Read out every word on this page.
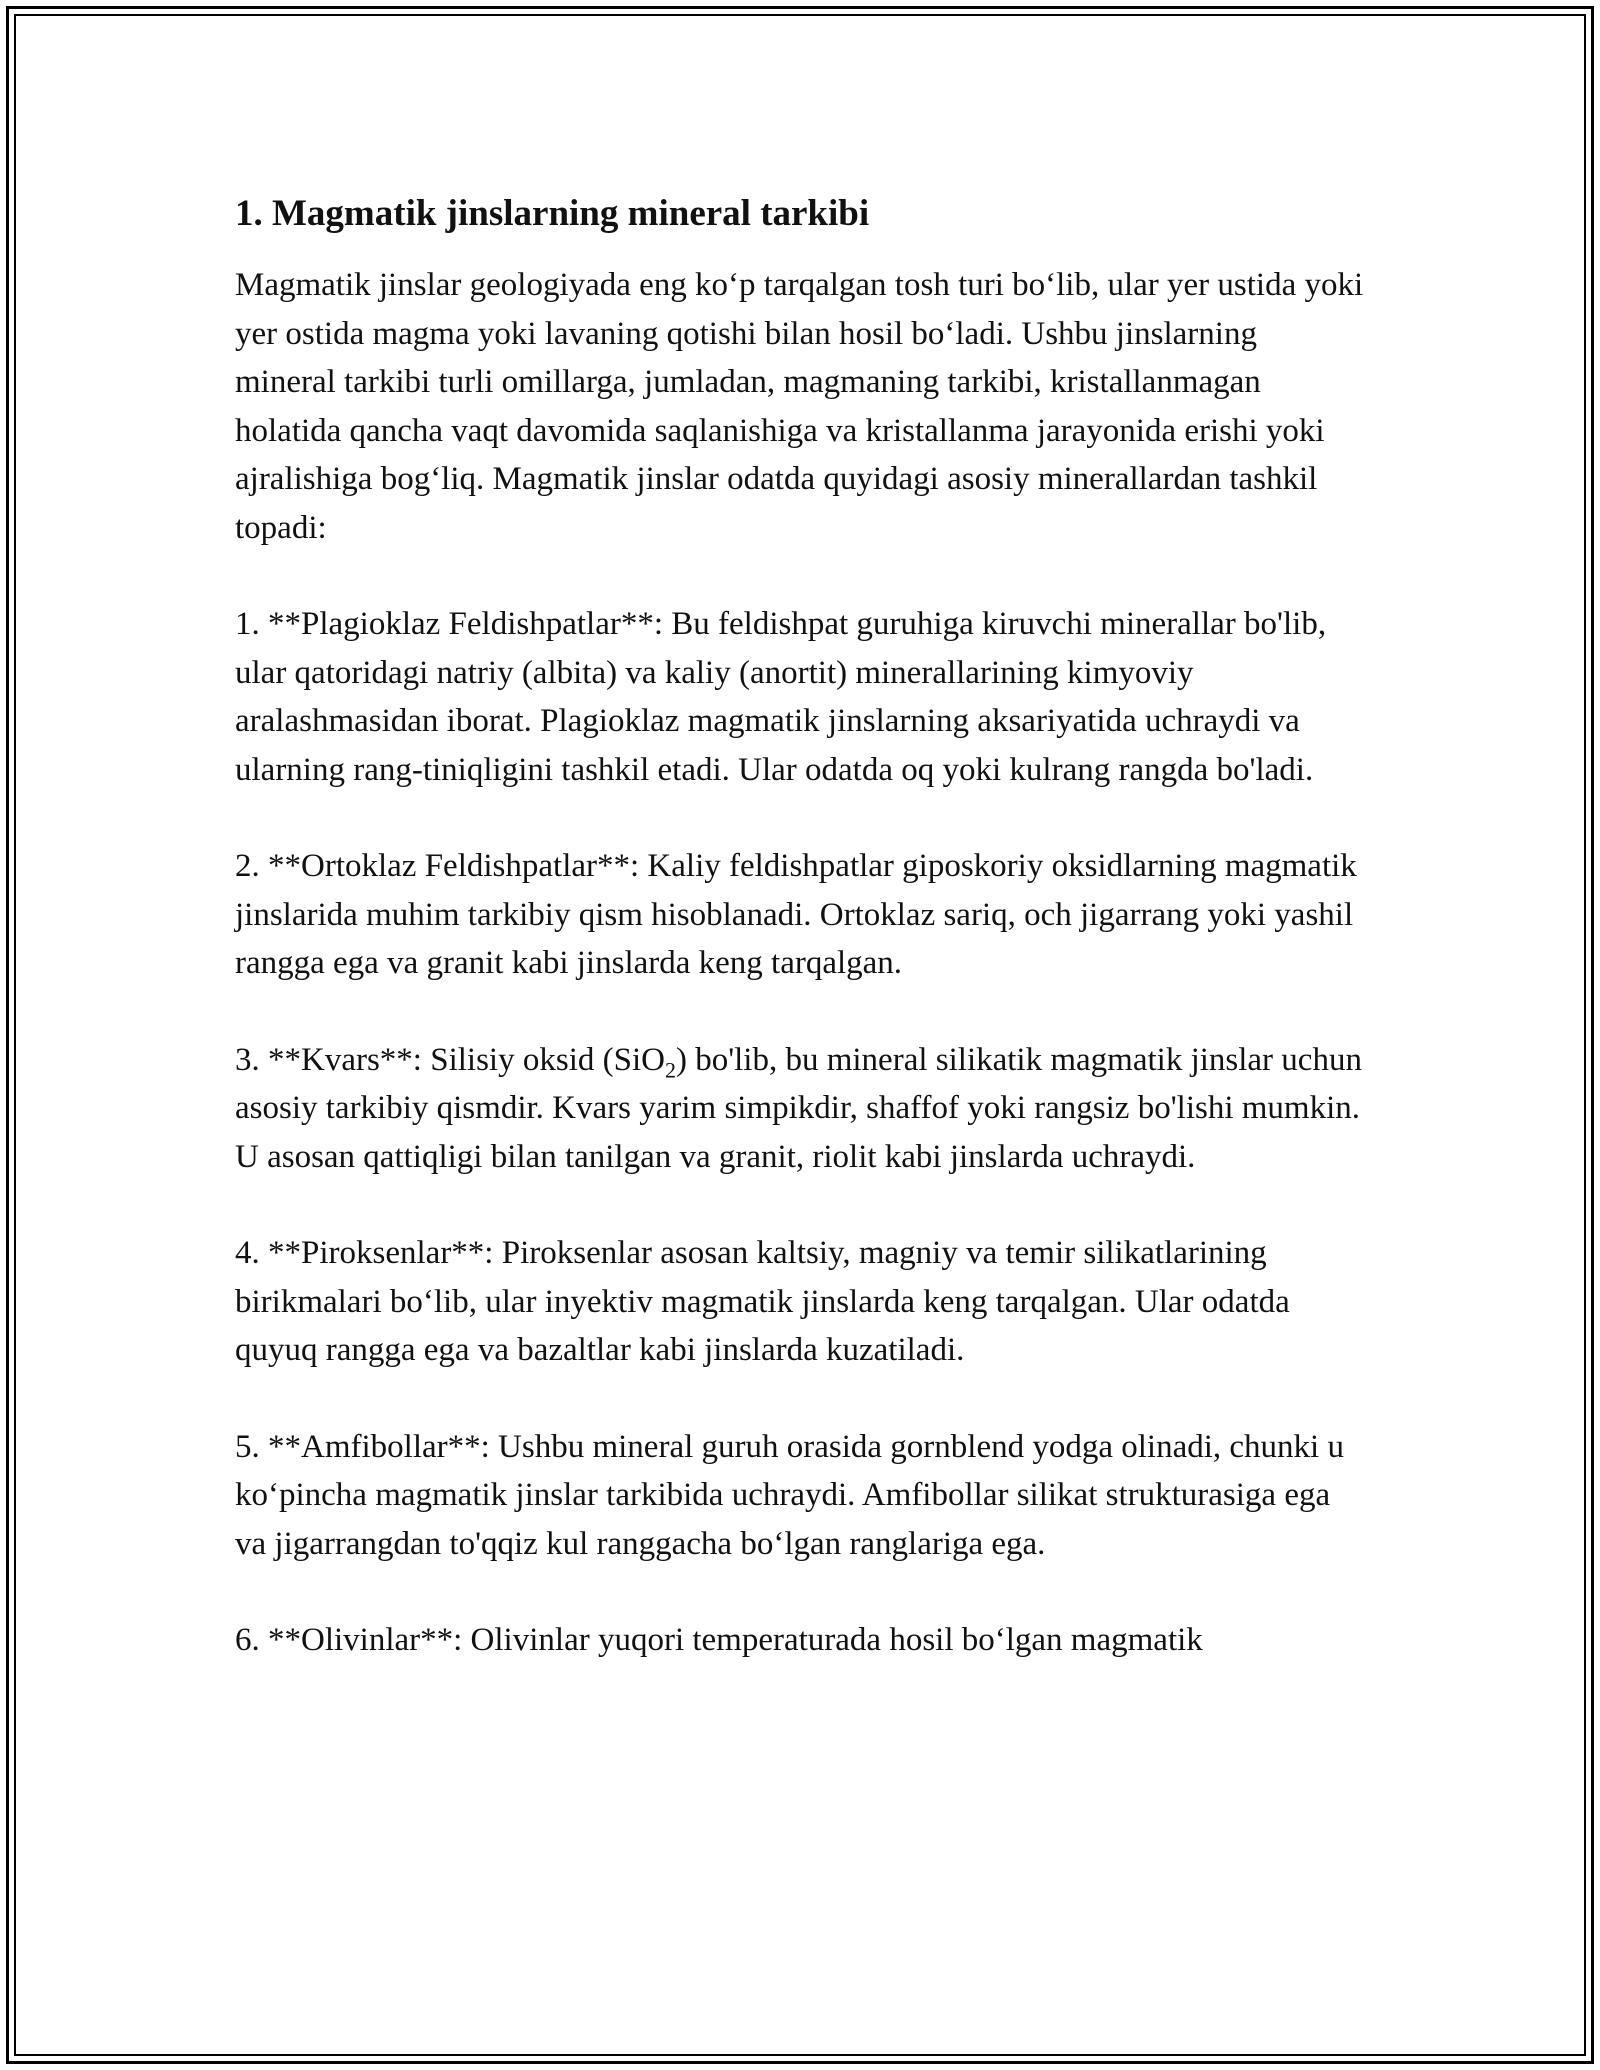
1. Magmatik jinslarning mineral tarkibi

Magmatik jinslar geologiyada eng ko‘p tarqalgan tosh turi bo‘lib, ular yer ustida yoki yer ostida magma yoki lavaning qotishi bilan hosil bo‘ladi. Ushbu jinslarning mineral tarkibi turli omillarga, jumladan, magmaning tarkibi, kristallanmagan holatida qancha vaqt davomida saqlanishiga va kristallanma jarayonida erishi yoki ajralishiga bog‘liq. Magmatik jinslar odatda quyidagi asosiy minerallardan tashkil topadi:

1. **Plagioklaz Feldishpatlar**: Bu feldishpat guruhiga kiruvchi minerallar bo'lib, ular qatoridagi natriy (albita) va kaliy (anortit) minerallarining kimyoviy aralashmasidan iborat. Plagioklaz magmatik jinslarning aksariyatida uchraydi va ularning rang-tiniqligini tashkil etadi. Ular odatda oq yoki kulrang rangda bo'ladi.

2. **Ortoklaz Feldishpatlar**: Kaliy feldishpatlar giposkoriy oksidlarning magmatik jinslarida muhim tarkibiy qism hisoblanadi. Ortoklaz sariq, och jigarrang yoki yashil rangga ega va granit kabi jinslarda keng tarqalgan.

3. **Kvars**: Silisiy oksid (SiO$_2$) bo'lib, bu mineral silikatik magmatik jinslar uchun asosiy tarkibiy qismdir. Kvars yarim simpikdir, shaffof yoki rangsiz bo'lishi mumkin. U asosan qattiqligi bilan tanilgan va granit, riolit kabi jinslarda uchraydi.

4. **Piroksenlar**: Piroksenlar asosan kaltsiy, magniy va temir silikatlarining birikmalari bo‘lib, ular inyektiv magmatik jinslarda keng tarqalgan. Ular odatda quyuq rangga ega va bazaltlar kabi jinslarda kuzatiladi.

5. **Amfibollar**: Ushbu mineral guruh orasida gornblend yodga olinadi, chunki u ko‘pincha magmatik jinslar tarkibida uchraydi. Amfibollar silikat strukturasiga ega va jigarrangdan to'qqiz kul ranggacha bo‘lgan ranglariga ega.

6. **Olivinlar**: Olivinlar yuqori temperaturada hosil bo‘lgan magmatik
